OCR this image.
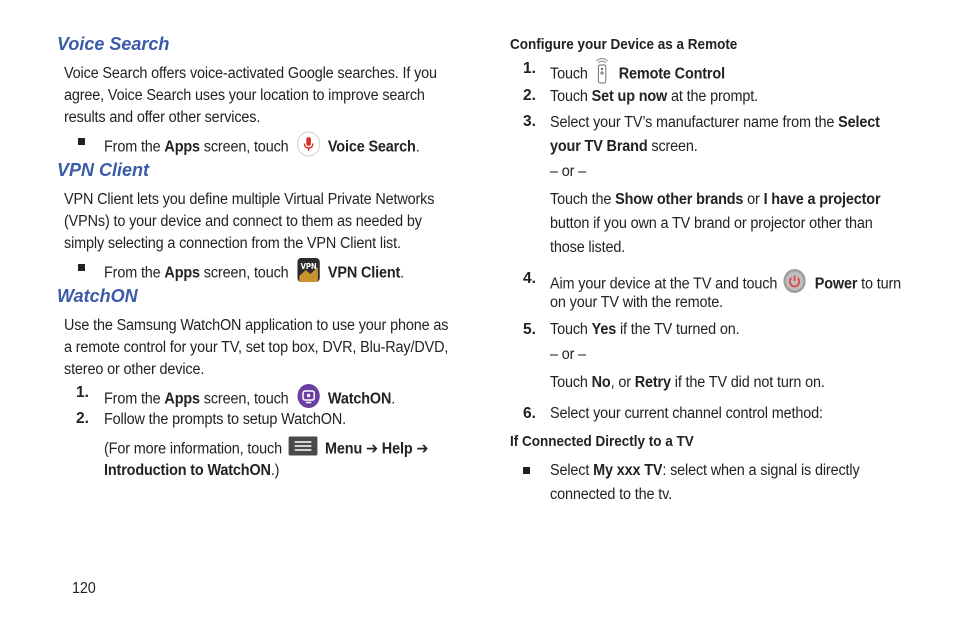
Voice Search
Voice Search offers voice-activated Google searches. If you
agree, Voice Search uses your location to improve search
results and offer other services.
From the Apps screen, touch  Voice Search.
VPN Client
VPN Client lets you define multiple Virtual Private Networks
(VPNs) to your device and connect to them as needed by
simply selecting a connection from the VPN Client list.
From the Apps screen, touch VPN VPN Client.
WatchON
Use the Samsung WatchON application to use your phone as
a remote control for your TV, set top box, DVR, Blu-Ray/DVD,
stereo or other device.
1. From the Apps screen, touch  WatchON.
2. Follow the prompts to setup WatchON.
(For more information, touch	Menu ➔ Help ➔
Introduction to WatchON.)
120
Configure your Device as a Remote
1. Touch  Remote Control
2. Touch Set up now at the prompt.
3. Select your TV’s manufacturer name from the Select
your TV Brand screen.
– or –
Touch the Show other brands or I have a projector
button if you own a TV brand or projector other than
those listed.
4. Aim your device at the TV and touch  Power to turn
on your TV with the remote.
5. Touch Yes if the TV turned on.
– or –
Touch No, or Retry if the TV did not turn on.
6. Select your current channel control method:
If Connected Directly to a TV
Select My xxx TV: select when a signal is directly
connected to the tv.
